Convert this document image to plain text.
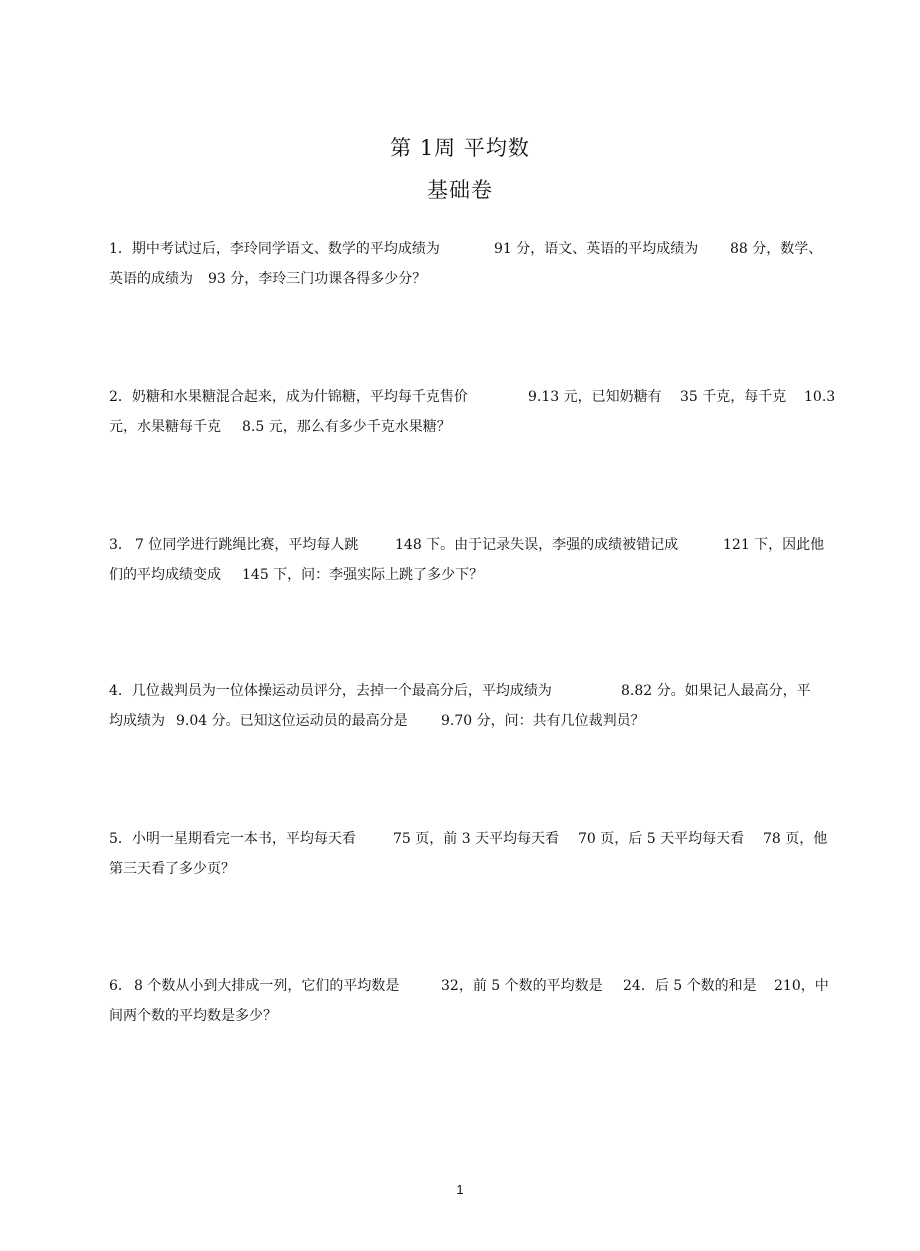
第 1周 平均数
基础卷
1．期中考试过后，李玲同学语文、数学的平均成绩为	91 分，语文、英语的平均成绩为 88 分，数学、
英语的成绩为 93 分，李玲三门功课各得多少分？
2．奶糖和水果糖混合起来，成为什锦糖，平均每千克售价	9.13 元，已知奶糖有 35 千克，每千克 10.3
元，水果糖每千克 8.5 元，那么有多少千克水果糖？
3． 7 位同学进行跳绳比赛，平均每人跳	148 下。由于记录失误，李强的成绩被错记成	121 下，因此他
们的平均成绩变成 145 下，问：李强实际上跳了多少下？
4．几位裁判员为一位体操运动员评分，去掉一个最高分后，平均成绩为	8.82 分。如果记人最高分，平
均成绩为 9.04 分。已知这位运动员的最高分是 9.70 分，问：共有几位裁判员？
5．小明一星期看完一本书，平均每天看	75 页，前 3 天平均每天看 70 页，后 5 天平均每天看 78 页，他
第三天看了多少页？
6． 8 个数从小到大排成一列，它们的平均数是	32，前 5 个数的平均数是 24．后 5 个数的和是 210，中
间两个数的平均数是多少？
1
